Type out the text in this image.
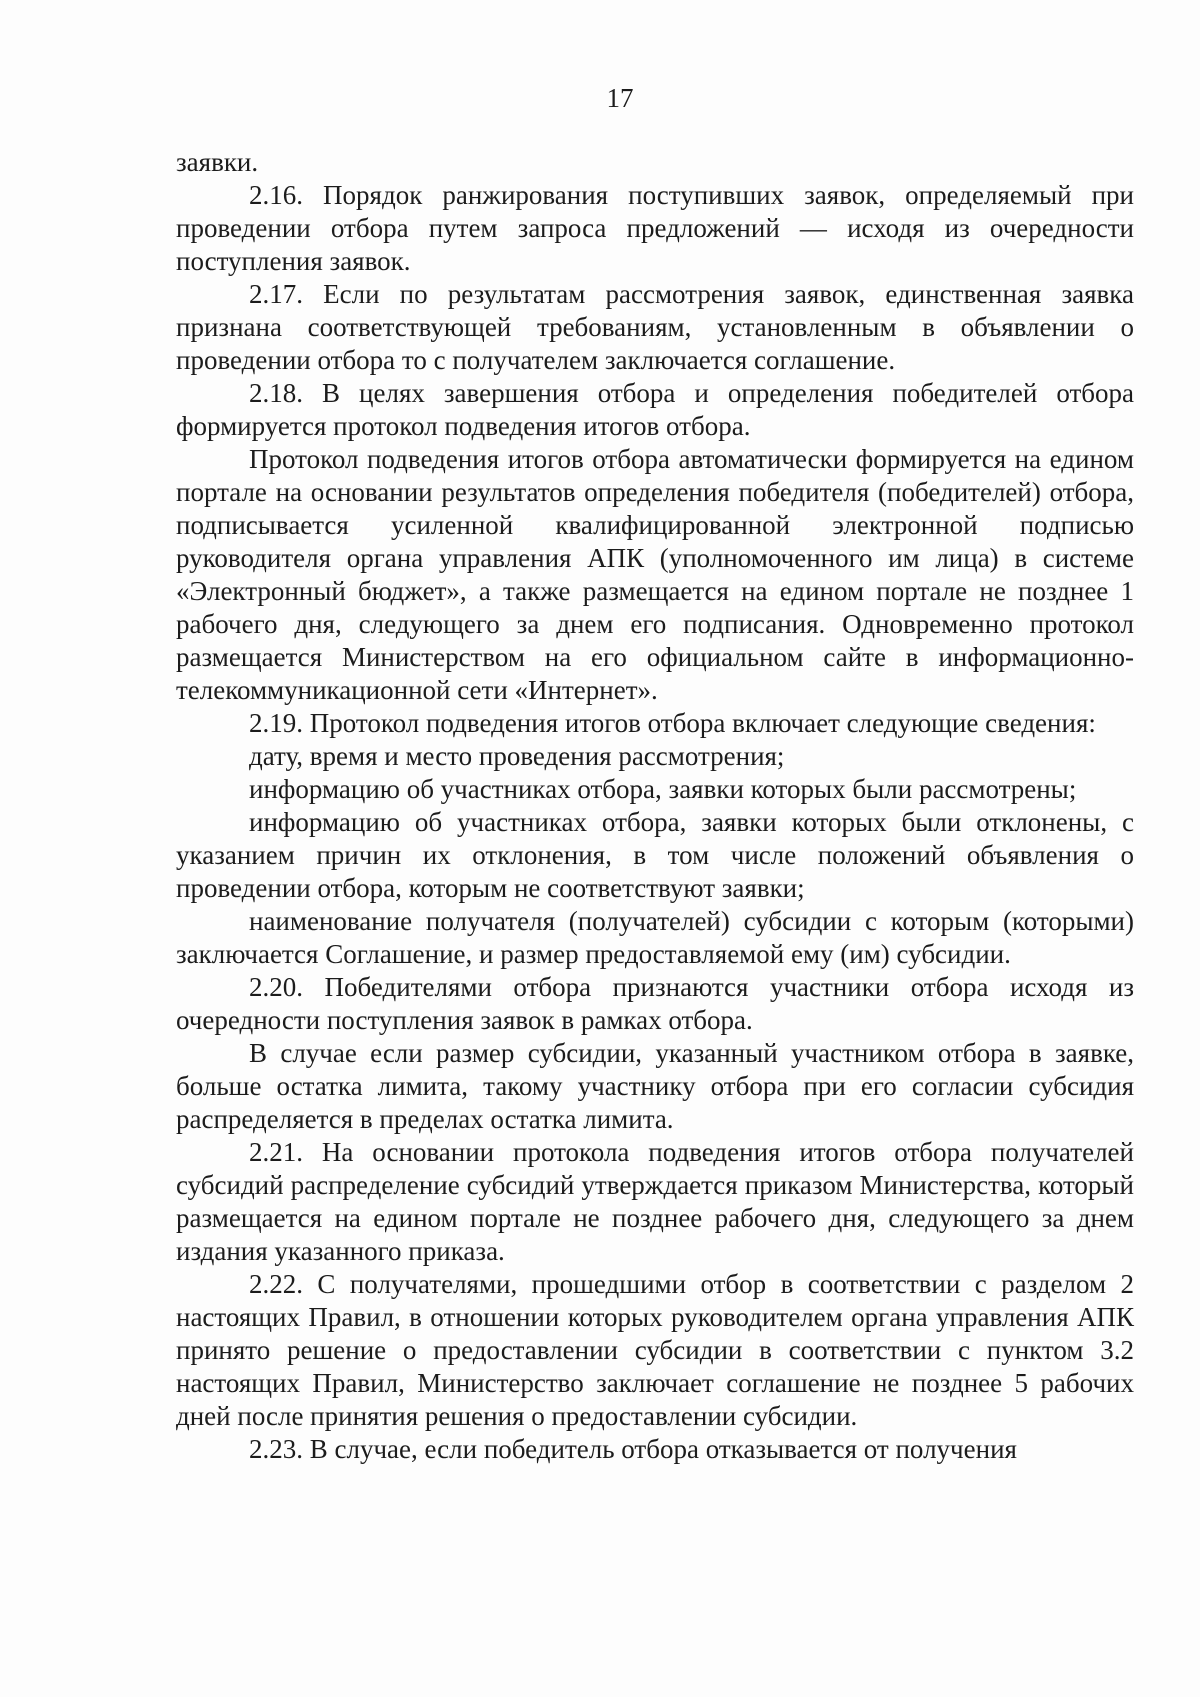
17

заявки.

2.16. Порядок ранжирования поступивших заявок, определяемый при проведении отбора путем запроса предложений — исходя из очередности поступления заявок.

2.17. Если по результатам рассмотрения заявок, единственная заявка признана соответствующей требованиям, установленным в объявлении о проведении отбора то с получателем заключается соглашение.

2.18. В целях завершения отбора и определения победителей отбора формируется протокол подведения итогов отбора.

Протокол подведения итогов отбора автоматически формируется на едином портале на основании результатов определения победителя (победителей) отбора, подписывается усиленной квалифицированной электронной подписью руководителя органа управления АПК (уполномоченного им лица) в системе «Электронный бюджет», а также размещается на едином портале не позднее 1 рабочего дня, следующего за днем его подписания. Одновременно протокол размещается Министерством на его официальном сайте в информационно-телекоммуникационной сети «Интернет».

2.19. Протокол подведения итогов отбора включает следующие сведения:

дату, время и место проведения рассмотрения;

информацию об участниках отбора, заявки которых были рассмотрены;

информацию об участниках отбора, заявки которых были отклонены, с указанием причин их отклонения, в том числе положений объявления о проведении отбора, которым не соответствуют заявки;

наименование получателя (получателей) субсидии с которым (которыми) заключается Соглашение, и размер предоставляемой ему (им) субсидии.

2.20. Победителями отбора признаются участники отбора исходя из очередности поступления заявок в рамках отбора.

В случае если размер субсидии, указанный участником отбора в заявке, больше остатка лимита, такому участнику отбора при его согласии субсидия распределяется в пределах остатка лимита.

2.21. На основании протокола подведения итогов отбора получателей субсидий распределение субсидий утверждается приказом Министерства, который размещается на едином портале не позднее рабочего дня, следующего за днем издания указанного приказа.

2.22. С получателями, прошедшими отбор в соответствии с разделом 2 настоящих Правил, в отношении которых руководителем органа управления АПК принято решение о предоставлении субсидии в соответствии с пунктом 3.2 настоящих Правил, Министерство заключает соглашение не позднее 5 рабочих дней после принятия решения о предоставлении субсидии.

2.23. В случае, если победитель отбора отказывается от получения
